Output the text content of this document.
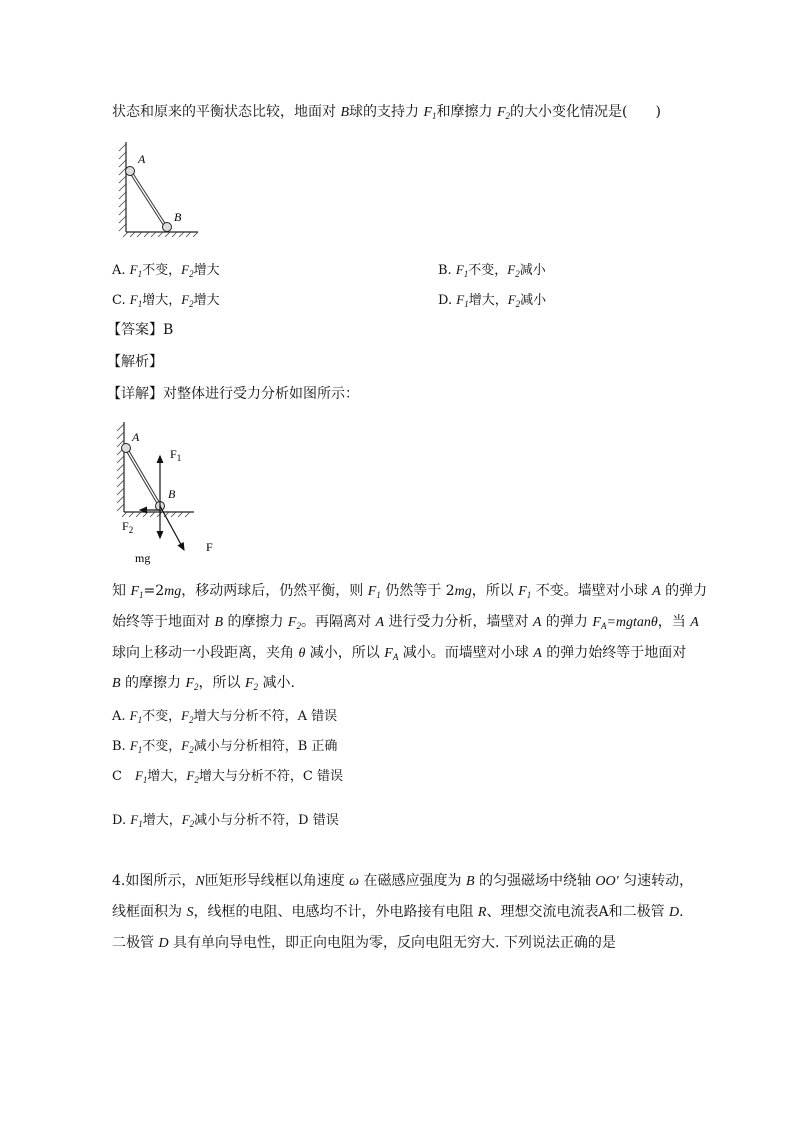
状态和原来的平衡状态比较，地面对 B球的支持力 $F_1$和摩擦力 $F_2$的大小变化情况是(　　)
A
B
A. $F_1$不变，$F_2$增大	B. $F_1$不变，$F_2$减小
C. $F_1$增大，$F_2$增大	D. $F_1$增大，$F_2$减小
【答案】B
【解析】
【详解】对整体进行受力分析如图所示：
A
B
$F_1$
$F_2$
mg
F
知 $F_1=2mg$，移动两球后，仍然平衡，则 $F_1$ 仍然等于 2mg，所以 $F_1$ 不变。墙壁对小球 A 的弹力
始终等于地面对 B 的摩擦力 $F_2$。再隔离对 A 进行受力分析，墙壁对 A 的弹力 $F_A=mgtan\theta$，当 A
球向上移动一小段距离，夹角 θ 减小，所以 $F_A$ 减小。而墙壁对小球 A 的弹力始终等于地面对
B 的摩擦力 $F_2$，所以 $F_2$ 减小.
A. $F_1$不变，$F_2$增大与分析不符，A 错误
B. $F_1$不变，$F_2$减小与分析相符，B 正确
C　$F_1$增大，$F_2$增大与分析不符，C 错误
D. $F_1$增大，$F_2$减小与分析不符，D 错误
4.如图所示，N匝矩形导线框以角速度 ω 在磁感应强度为 B 的匀强磁场中绕轴 OO' 匀速转动，
线框面积为 S，线框的电阻、电感均不计，外电路接有电阻 R、理想交流电流表A和二极管 D.
二极管 D 具有单向导电性，即正向电阻为零，反向电阻无穷大. 下列说法正确的是
